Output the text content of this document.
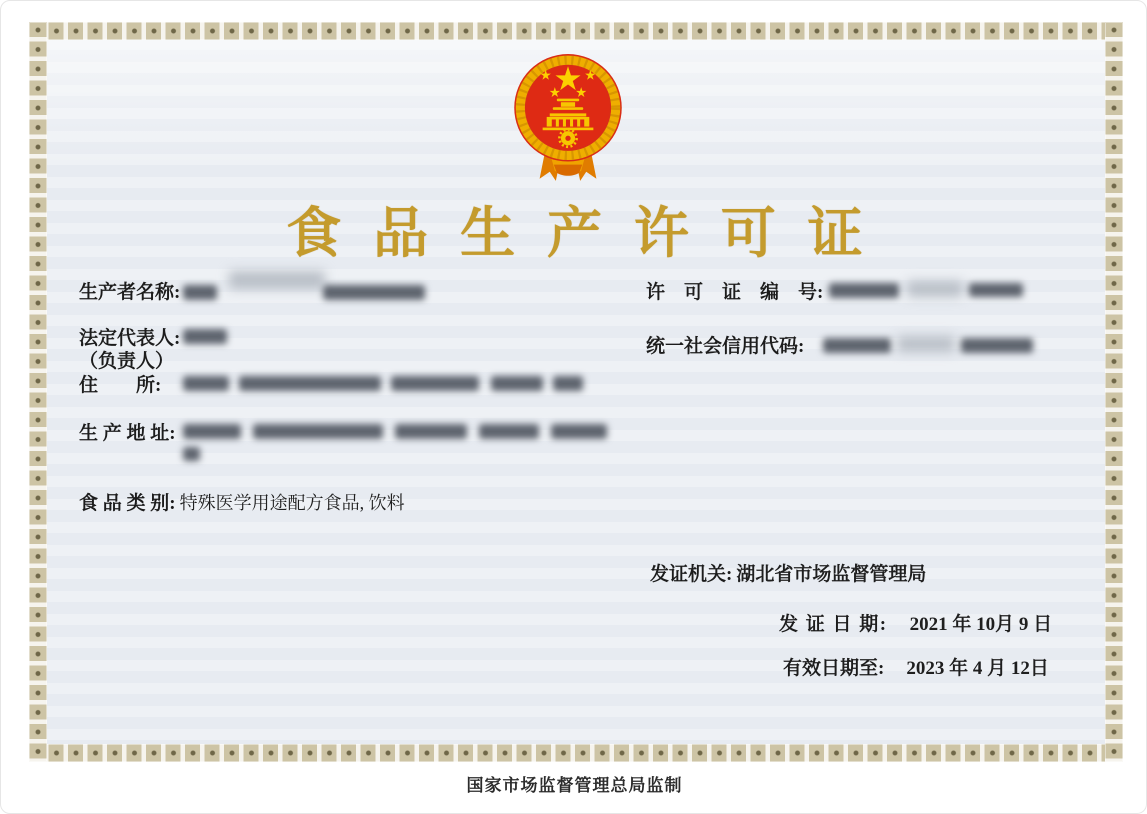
食品生产许可证
生产者名称:
法定代表人:
（负责人）
住　　所:
生 产 地 址:
食 品 类 别: 特殊医学用途配方食品, 饮料
许　可　证　编　号:
统一社会信用代码:
发证机关: 湖北省市场监督管理局
发 证 日 期: 2021 年 10月 9 日
有效日期至: 2023 年 4 月 12日
国家市场监督管理总局监制
